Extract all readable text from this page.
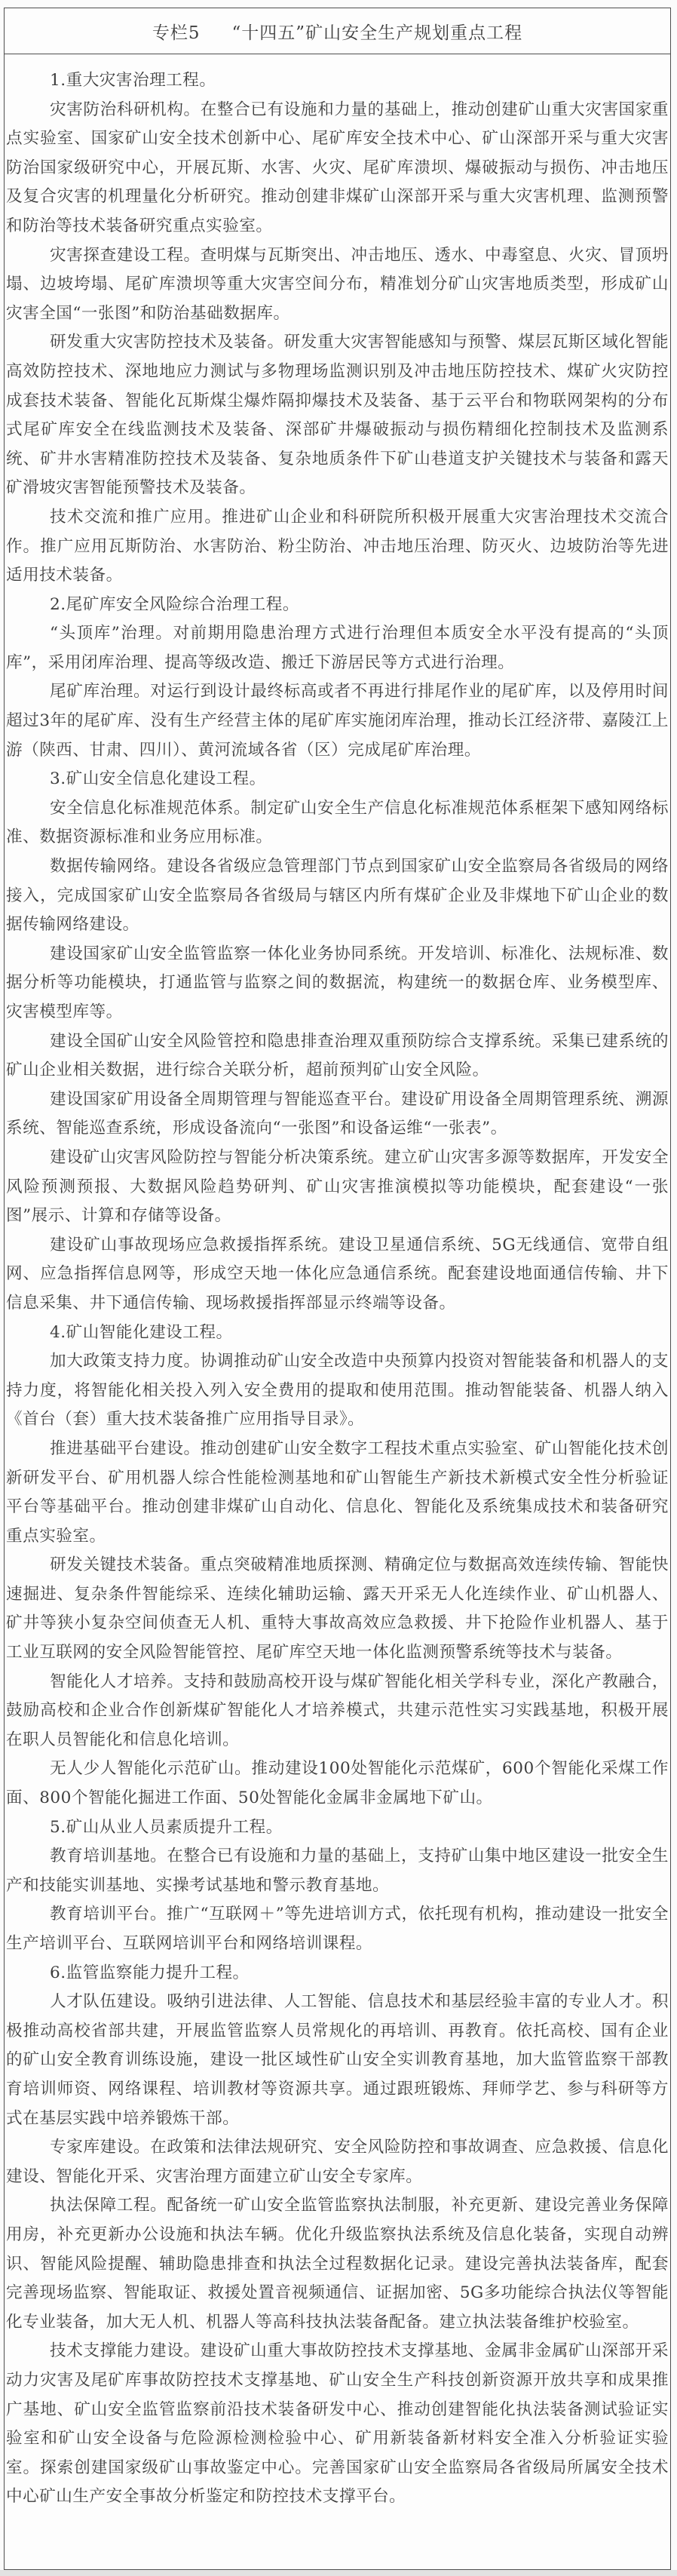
专栏5 “十四五”矿山安全生产规划重点工程

1.重大灾害治理工程。

灾害防治科研机构。在整合已有设施和力量的基础上，推动创建矿山重大灾害国家重点实验室、国家矿山安全技术创新中心、尾矿库安全技术中心、矿山深部开采与重大灾害防治国家级研究中心，开展瓦斯、水害、火灾、尾矿库溃坝、爆破振动与损伤、冲击地压及复合灾害的机理量化分析研究。推动创建非煤矿山深部开采与重大灾害机理、监测预警和防治等技术装备研究重点实验室。

灾害探查建设工程。查明煤与瓦斯突出、冲击地压、透水、中毒窒息、火灾、冒顶坍塌、边坡垮塌、尾矿库溃坝等重大灾害空间分布，精准划分矿山灾害地质类型，形成矿山灾害全国“一张图”和防治基础数据库。

研发重大灾害防控技术及装备。研发重大灾害智能感知与预警、煤层瓦斯区域化智能高效防控技术、深地地应力测试与多物理场监测识别及冲击地压防控技术、煤矿火灾防控成套技术装备、智能化瓦斯煤尘爆炸隔抑爆技术及装备、基于云平台和物联网架构的分布式尾矿库安全在线监测技术及装备、深部矿井爆破振动与损伤精细化控制技术及监测系统、矿井水害精准防控技术及装备、复杂地质条件下矿山巷道支护关键技术与装备和露天矿滑坡灾害智能预警技术及装备。

技术交流和推广应用。推进矿山企业和科研院所积极开展重大灾害治理技术交流合作。推广应用瓦斯防治、水害防治、粉尘防治、冲击地压治理、防灭火、边坡防治等先进适用技术装备。

2.尾矿库安全风险综合治理工程。

“头顶库”治理。对前期用隐患治理方式进行治理但本质安全水平没有提高的“头顶库”，采用闭库治理、提高等级改造、搬迁下游居民等方式进行治理。

尾矿库治理。对运行到设计最终标高或者不再进行排尾作业的尾矿库，以及停用时间超过3年的尾矿库、没有生产经营主体的尾矿库实施闭库治理，推动长江经济带、嘉陵江上游（陕西、甘肃、四川）、黄河流域各省（区）完成尾矿库治理。

3.矿山安全信息化建设工程。

安全信息化标准规范体系。制定矿山安全生产信息化标准规范体系框架下感知网络标准、数据资源标准和业务应用标准。

数据传输网络。建设各省级应急管理部门节点到国家矿山安全监察局各省级局的网络接入，完成国家矿山安全监察局各省级局与辖区内所有煤矿企业及非煤地下矿山企业的数据传输网络建设。

建设国家矿山安全监管监察一体化业务协同系统。开发培训、标准化、法规标准、数据分析等功能模块，打通监管与监察之间的数据流，构建统一的数据仓库、业务模型库、灾害模型库等。

建设全国矿山安全风险管控和隐患排查治理双重预防综合支撑系统。采集已建系统的矿山企业相关数据，进行综合关联分析，超前预判矿山安全风险。

建设国家矿用设备全周期管理与智能巡查平台。建设矿用设备全周期管理系统、溯源系统、智能巡查系统，形成设备流向“一张图”和设备运维“一张表”。

建设矿山灾害风险防控与智能分析决策系统。建立矿山灾害多源等数据库，开发安全风险预测预报、大数据风险趋势研判、矿山灾害推演模拟等功能模块，配套建设“一张图”展示、计算和存储等设备。

建设矿山事故现场应急救援指挥系统。建设卫星通信系统、5G无线通信、宽带自组网、应急指挥信息网等，形成空天地一体化应急通信系统。配套建设地面通信传输、井下信息采集、井下通信传输、现场救援指挥部显示终端等设备。

4.矿山智能化建设工程。

加大政策支持力度。协调推动矿山安全改造中央预算内投资对智能装备和机器人的支持力度，将智能化相关投入列入安全费用的提取和使用范围。推动智能装备、机器人纳入《首台（套）重大技术装备推广应用指导目录》。

推进基础平台建设。推动创建矿山安全数字工程技术重点实验室、矿山智能化技术创新研发平台、矿用机器人综合性能检测基地和矿山智能生产新技术新模式安全性分析验证平台等基础平台。推动创建非煤矿山自动化、信息化、智能化及系统集成技术和装备研究重点实验室。

研发关键技术装备。重点突破精准地质探测、精确定位与数据高效连续传输、智能快速掘进、复杂条件智能综采、连续化辅助运输、露天开采无人化连续作业、矿山机器人、矿井等狭小复杂空间侦查无人机、重特大事故高效应急救援、井下抢险作业机器人、基于工业互联网的安全风险智能管控、尾矿库空天地一体化监测预警系统等技术与装备。

智能化人才培养。支持和鼓励高校开设与煤矿智能化相关学科专业，深化产教融合，鼓励高校和企业合作创新煤矿智能化人才培养模式，共建示范性实习实践基地，积极开展在职人员智能化和信息化培训。

无人少人智能化示范矿山。推动建设100处智能化示范煤矿，600个智能化采煤工作面、800个智能化掘进工作面、50处智能化金属非金属地下矿山。

5.矿山从业人员素质提升工程。

教育培训基地。在整合已有设施和力量的基础上，支持矿山集中地区建设一批安全生产和技能实训基地、实操考试基地和警示教育基地。

教育培训平台。推广“互联网＋”等先进培训方式，依托现有机构，推动建设一批安全生产培训平台、互联网培训平台和网络培训课程。

6.监管监察能力提升工程。

人才队伍建设。吸纳引进法律、人工智能、信息技术和基层经验丰富的专业人才。积极推动高校省部共建，开展监管监察人员常规化的再培训、再教育。依托高校、国有企业的矿山安全教育训练设施，建设一批区域性矿山安全实训教育基地，加大监管监察干部教育培训师资、网络课程、培训教材等资源共享。通过跟班锻炼、拜师学艺、参与科研等方式在基层实践中培养锻炼干部。

专家库建设。在政策和法律法规研究、安全风险防控和事故调查、应急救援、信息化建设、智能化开采、灾害治理方面建立矿山安全专家库。

执法保障工程。配备统一矿山安全监管监察执法制服，补充更新、建设完善业务保障用房，补充更新办公设施和执法车辆。优化升级监察执法系统及信息化装备，实现自动辨识、智能风险提醒、辅助隐患排查和执法全过程数据化记录。建设完善执法装备库，配套完善现场监察、智能取证、救援处置音视频通信、证据加密、5G多功能综合执法仪等智能化专业装备，加大无人机、机器人等高科技执法装备配备。建立执法装备维护校验室。

技术支撑能力建设。建设矿山重大事故防控技术支撑基地、金属非金属矿山深部开采动力灾害及尾矿库事故防控技术支撑基地、矿山安全生产科技创新资源开放共享和成果推广基地、矿山安全监管监察前沿技术装备研发中心、推动创建智能化执法装备测试验证实验室和矿山安全设备与危险源检测检验中心、矿用新装备新材料安全准入分析验证实验室。探索创建国家级矿山事故鉴定中心。完善国家矿山安全监察局各省级局所属安全技术中心矿山生产安全事故分析鉴定和防控技术支撑平台。
